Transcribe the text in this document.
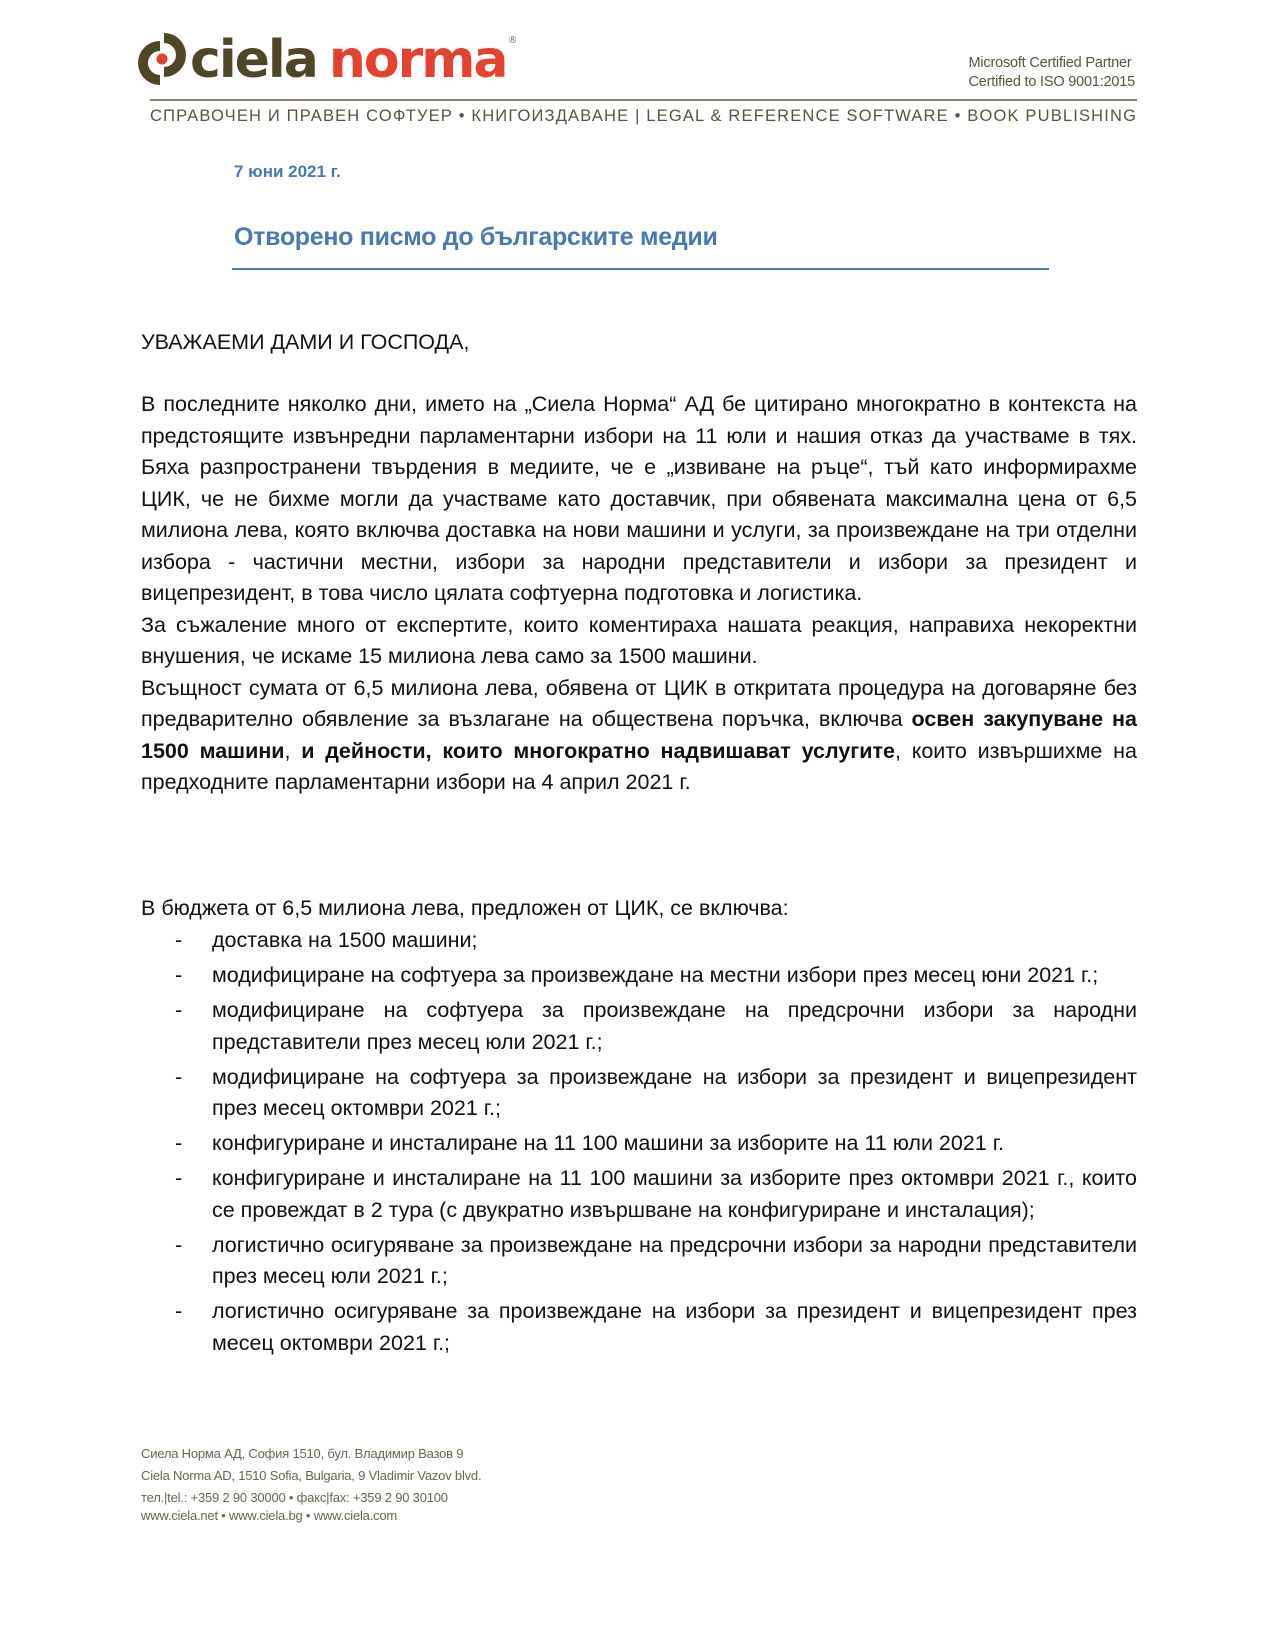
ciela norma®
Microsoft Certified Partner
Certified to ISO 9001:2015
СПРАВОЧЕН И ПРАВЕН СОФТУЕР • КНИГОИЗДАВАНЕ | LEGAL & REFERENCE SOFTWARE • BOOK PUBLISHING
7 юни 2021 г.
Отворено писмо до българските медии
УВАЖАЕМИ ДАМИ И ГОСПОДА,
В последните няколко дни, името на „Сиела Норма“ АД бе цитирано многократно в контекста на предстоящите извънредни парламентарни избори на 11 юли и нашия отказ да участваме в тях. Бяха разпространени твърдения в медиите, че е „извиване на ръце“, тъй като информирахме ЦИК, че не бихме могли да участваме като доставчик, при обявената максимална цена от 6,5 милиона лева, която включва доставка на нови машини и услуги, за произвеждане на три отделни избора - частични местни, избори за народни представители и избори за президент и вицепрезидент, в това число цялата софтуерна подготовка и логистика.
За съжаление много от експертите, които коментираха нашата реакция, направиха некоректни внушения, че искаме 15 милиона лева само за 1500 машини.
Всъщност сумата от 6,5 милиона лева, обявена от ЦИК в откритата процедура на договаряне без предварително обявление за възлагане на обществена поръчка, включва освен закупуване на 1500 машини, и дейности, които многократно надвишават услугите, които извършихме на предходните парламентарни избори на 4 април 2021 г.
В бюджета от 6,5 милиона лева, предложен от ЦИК, се включва:
- доставка на 1500 машини;
- модифициране на софтуера за произвеждане на местни избори през месец юни 2021 г.;
- модифициране на софтуера за произвеждане на предсрочни избори за народни представители през месец юли 2021 г.;
- модифициране на софтуера за произвеждане на избори за президент и вицепрезидент през месец октомври 2021 г.;
- конфигуриране и инсталиране на 11 100 машини за изборите на 11 юли 2021 г.
- конфигуриране и инсталиране на 11 100 машини за изборите през октомври 2021 г., които се провеждат в 2 тура (с двукратно извършване на конфигуриране и инсталация);
- логистично осигуряване за произвеждане на предсрочни избори за народни представители през месец юли 2021 г.;
- логистично осигуряване за произвеждане на избори за президент и вицепрезидент през месец октомври 2021 г.;
Сиела Норма АД, София 1510, бул. Владимир Вазов 9
Ciela Norma AD, 1510 Sofia, Bulgaria, 9 Vladimir Vazov blvd.
тел.|tel.: +359 2 90 30000 • факс|fax: +359 2 90 30100
www.ciela.net • www.ciela.bg • www.ciela.com
